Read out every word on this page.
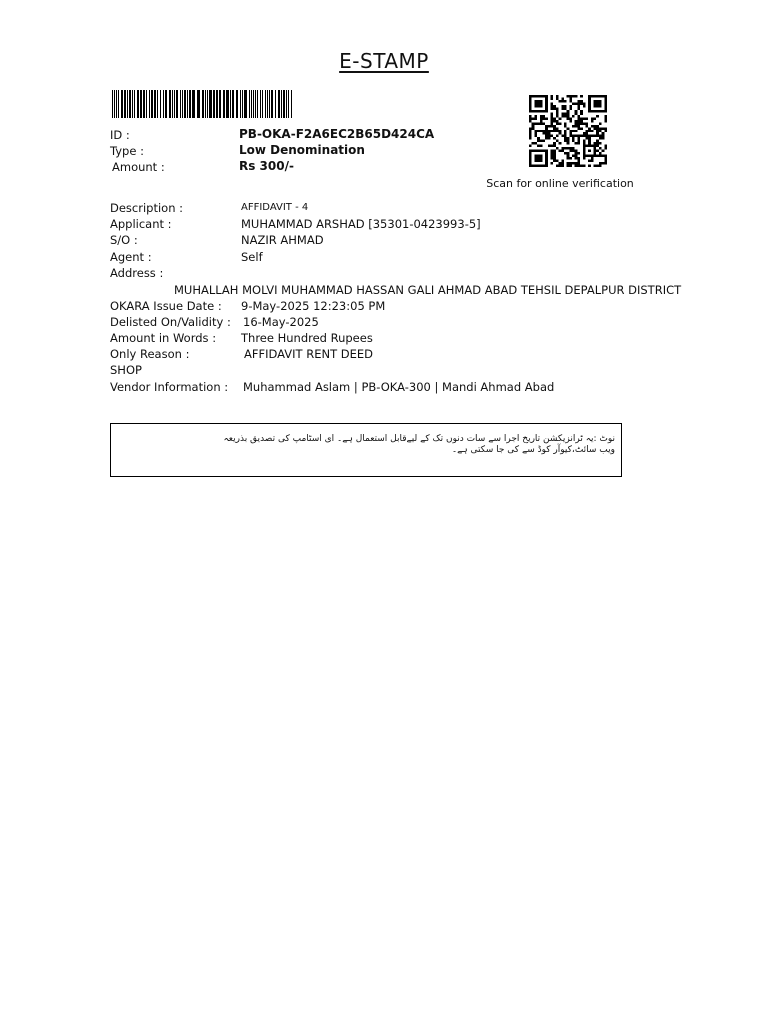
E-STAMP
Scan for online verification
ID :	PB-OKA-F2A6EC2B65D424CA
Type :	Low Denomination
Amount :	Rs 300/-
Description :	AFFIDAVIT - 4
Applicant :	MUHAMMAD ARSHAD [35301-0423993-5]
S/O :	NAZIR AHMAD
Agent :	Self
Address :
MUHALLAH MOLVI MUHAMMAD HASSAN GALI AHMAD ABAD TEHSIL DEPALPUR DISTRICT
OKARA Issue Date : 9-May-2025 12:23:05 PM
Delisted On/Validity : 16-May-2025
Amount in Words : Three Hundred Rupees
Only Reason :	AFFIDAVIT RENT DEED
SHOP
Vendor Information : Muhammad Aslam | PB-OKA-300 | Mandi Ahmad Abad
نوٹ :یہ ٹرانزیکشن تاریخ اجرا سے سات دنوں تک کے لیےقابل استعمال ہے۔ ای اسٹامپ کی تصدیق بذریعہ ویب سائٹ،کیوآر کوڈ سے کی جا سکتی ہے۔
